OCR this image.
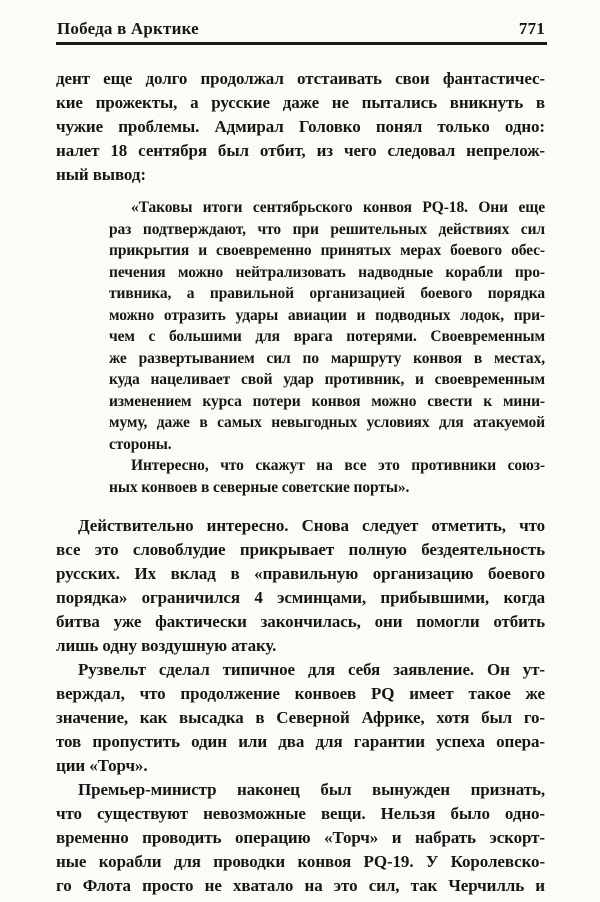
Победа в Арктике	771
дент еще долго продолжал отстаивать свои фантастичес-
кие прожекты, а русские даже не пытались вникнуть в
чужие проблемы. Адмирал Головко понял только одно:
налет 18 сентября был отбит, из чего следовал непрелож-
ный вывод:
«Таковы итоги сентябрьского конвоя PQ-18. Они еще
раз подтверждают, что при решительных действиях сил
прикрытия и своевременно принятых мерах боевого обес-
печения можно нейтрализовать надводные корабли про-
тивника, а правильной организацией боевого порядка
можно отразить удары авиации и подводных лодок, при-
чем с большими для врага потерями. Своевременным
же развертыванием сил по маршруту конвоя в местах,
куда нацеливает свой удар противник, и своевременным
изменением курса потери конвоя можно свести к мини-
муму, даже в самых невыгодных условиях для атакуемой
стороны.
Интересно, что скажут на все это противники союз-
ных конвоев в северные советские порты».
Действительно интересно. Снова следует отметить, что
все это словоблудие прикрывает полную бездеятельность
русских. Их вклад в «правильную организацию боевого
порядка» ограничился 4 эсминцами, прибывшими, когда
битва уже фактически закончилась, они помогли отбить
лишь одну воздушную атаку.
Рузвельт сделал типичное для себя заявление. Он ут-
верждал, что продолжение конвоев PQ имеет такое же
значение, как высадка в Северной Африке, хотя был го-
тов пропустить один или два для гарантии успеха опера-
ции «Торч».
Премьер-министр наконец был вынужден признать,
что существуют невозможные вещи. Нельзя было одно-
временно проводить операцию «Торч» и набрать эскорт-
ные корабли для проводки конвоя PQ-19. У Королевско-
го Флота просто не хватало на это сил, так Черчилль и
